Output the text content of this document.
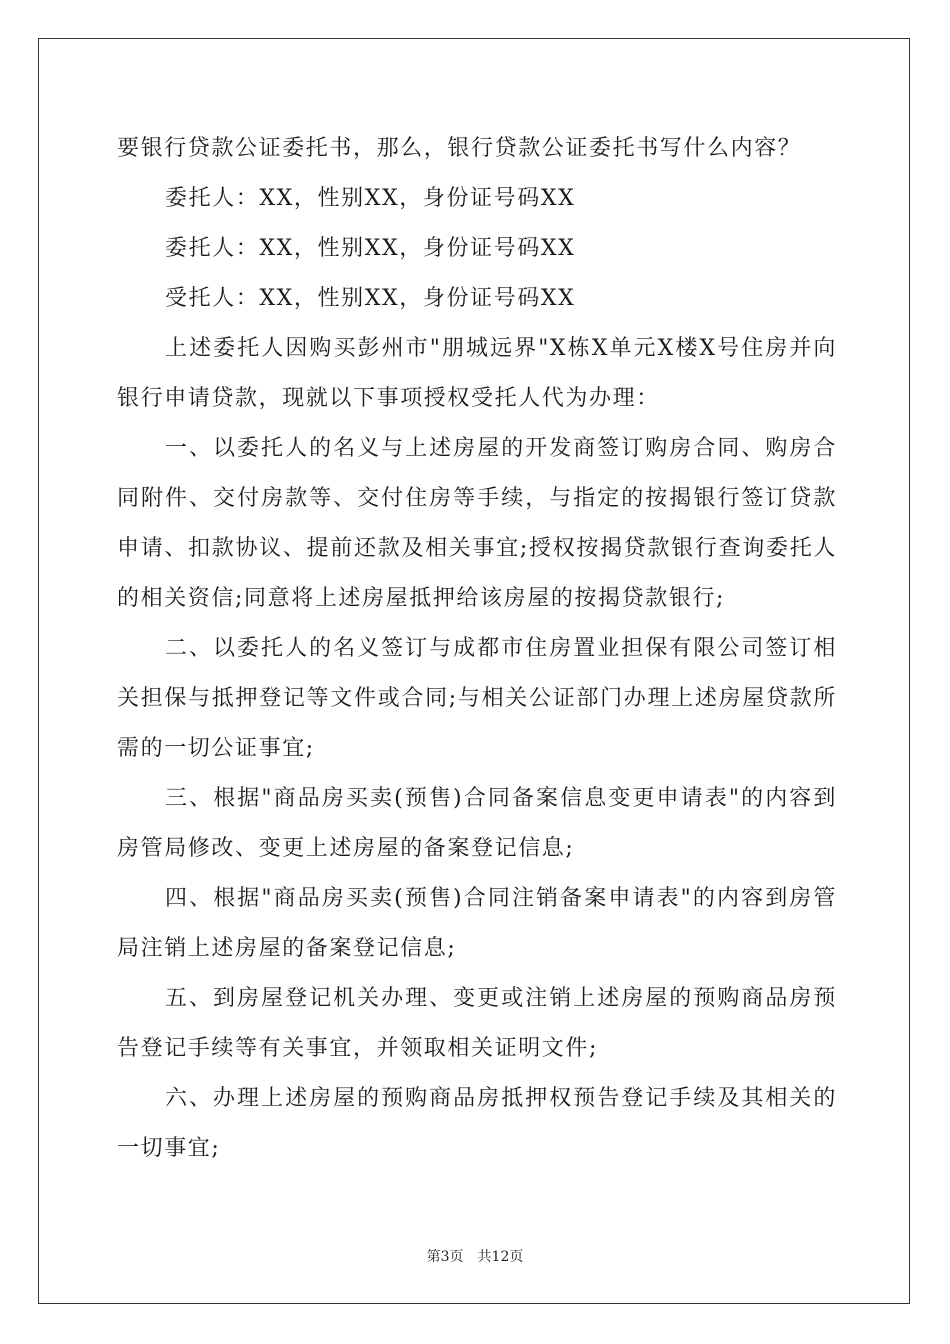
要银行贷款公证委托书，那么，银行贷款公证委托书写什么内容？

委托人：XX，性别XX，身份证号码XX

委托人：XX，性别XX，身份证号码XX

受托人：XX，性别XX，身份证号码XX

上述委托人因购买彭州市"朋城远界"X栋X单元X楼X号住房并向银行申请贷款，现就以下事项授权受托人代为办理：

一、以委托人的名义与上述房屋的开发商签订购房合同、购房合同附件、交付房款等、交付住房等手续，与指定的按揭银行签订贷款申请、扣款协议、提前还款及相关事宜;授权按揭贷款银行查询委托人的相关资信;同意将上述房屋抵押给该房屋的按揭贷款银行;

二、以委托人的名义签订与成都市住房置业担保有限公司签订相关担保与抵押登记等文件或合同;与相关公证部门办理上述房屋贷款所需的一切公证事宜;

三、根据"商品房买卖(预售)合同备案信息变更申请表"的内容到房管局修改、变更上述房屋的备案登记信息;

四、根据"商品房买卖(预售)合同注销备案申请表"的内容到房管局注销上述房屋的备案登记信息;

五、到房屋登记机关办理、变更或注销上述房屋的预购商品房预告登记手续等有关事宜，并领取相关证明文件;

六、办理上述房屋的预购商品房抵押权预告登记手续及其相关的一切事宜;

第3页　共12页
